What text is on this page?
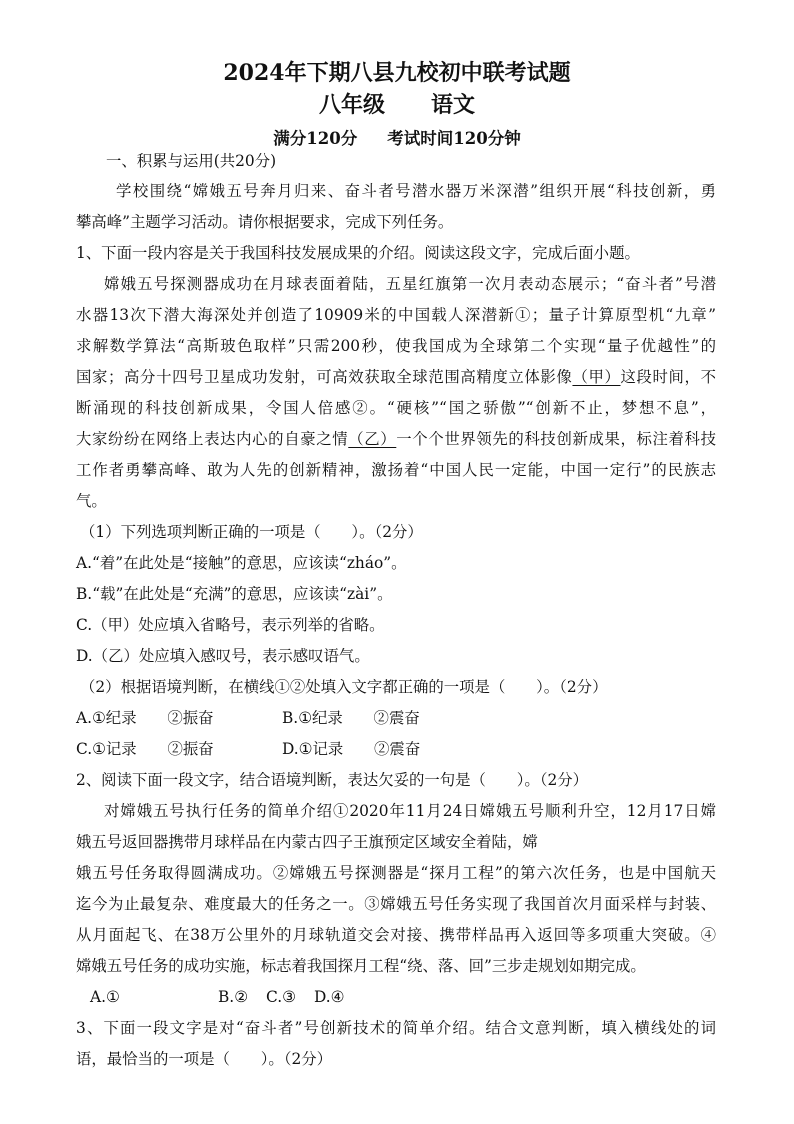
2024年下期八县九校初中联考试题
八年级 语文
满分120分 考试时间120分钟
一、积累与运用(共20分)
学校围绕“嫦娥五号奔月归来、奋斗者号潜水器万米深潜”组织开展“科技创新，勇
攀高峰”主题学习活动。请你根据要求，完成下列任务。
1、下面一段内容是关于我国科技发展成果的介绍。阅读这段文字，完成后面小题。
嫦娥五号探测器成功在月球表面着陆，五星红旗第一次月表动态展示；“奋斗者”号潜
水器13次下潜大海深处并创造了10909米的中国载人深潜新①；量子计算原型机“九章”
求解数学算法“高斯玻色取样”只需200秒，使我国成为全球第二个实现“量子优越性”的
国家；高分十四号卫星成功发射，可高效获取全球范围高精度立体影像（甲）这段时间，不
断涌现的科技创新成果，令国人倍感②。“硬核”“国之骄傲”“创新不止，梦想不息”，
大家纷纷在网络上表达内心的自豪之情（乙）一个个世界领先的科技创新成果，标注着科技
工作者勇攀高峰、敢为人先的创新精神，激扬着“中国人民一定能，中国一定行”的民族志
气。
（1）下列选项判断正确的一项是（　　）。（2分）
A.“着”在此处是“接触”的意思，应该读“zháo”。
B.“载”在此处是“充满”的意思，应该读“zài”。
C.（甲）处应填入省略号，表示列举的省略。
D.（乙）处应填入感叹号，表示感叹语气。
（2）根据语境判断，在横线①②处填入文字都正确的一项是（　　）。（2分）
A.①纪录　　②振奋	B.①纪录　　②震奋
C.①记录　　②振奋	D.①记录　　②震奋
2、阅读下面一段文字，结合语境判断，表达欠妥的一句是（　　）。（2分）
对嫦娥五号执行任务的简单介绍①2020年11月24日嫦娥五号顺利升空，12月17日嫦
娥五号返回器携带月球样品在内蒙古四子王旗预定区域安全着陆，嫦
娥五号任务取得圆满成功。②嫦娥五号探测器是“探月工程”的第六次任务，也是中国航天
迄今为止最复杂、难度最大的任务之一。③嫦娥五号任务实现了我国首次月面采样与封装、
从月面起飞、在38万公里外的月球轨道交会对接、携带样品再入返回等多项重大突破。④
嫦娥五号任务的成功实施，标志着我国探月工程“绕、落、回”三步走规划如期完成。
A.①	B.② C.③ D.④
3、下面一段文字是对“奋斗者”号创新技术的简单介绍。结合文意判断，填入横线处的词
语，最恰当的一项是（　　）。（2分）
